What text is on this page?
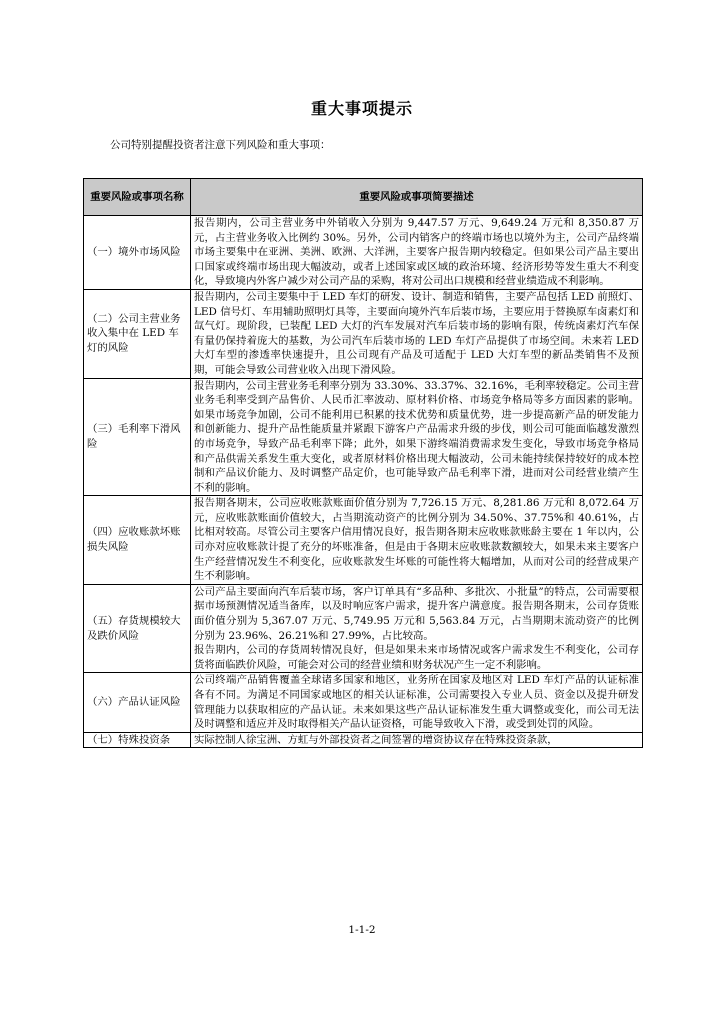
重大事项提示
公司特别提醒投资者注意下列风险和重大事项：
重要风险或事项名称	重要风险或事项简要描述

（一）境外市场风险	报告期内，公司主营业务中外销收入分别为 9,447.57 万元、9,649.24 万元和 8,350.87 万元，占主营业务收入比例约 30%。另外，公司内销客户的终端市场也以境外为主，公司产品终端市场主要集中在亚洲、美洲、欧洲、大洋洲，主要客户报告期内较稳定。但如果公司产品主要出口国家或终端市场出现大幅波动，或者上述国家或区域的政治环境、经济形势等发生重大不利变化，导致境内外客户减少对公司产品的采购，将对公司出口规模和经营业绩造成不利影响。

（二）公司主营业务收入集中在 LED 车灯的风险	报告期内，公司主要集中于 LED 车灯的研发、设计、制造和销售，主要产品包括 LED 前照灯、LED 信号灯、车用辅助照明灯具等，主要面向境外汽车后装市场，主要应用于替换原车卤素灯和氙气灯。现阶段，已装配 LED 大灯的汽车发展对汽车后装市场的影响有限，传统卤素灯汽车保有量仍保持着庞大的基数，为公司汽车后装市场的 LED 车灯产品提供了市场空间。未来若 LED 大灯车型的渗透率快速提升，且公司现有产品及可适配于 LED 大灯车型的新品类销售不及预期，可能会导致公司营业收入出现下滑风险。

（三）毛利率下滑风险	报告期内，公司主营业务毛利率分别为 33.30%、33.37%、32.16%，毛利率较稳定。公司主营业务毛利率受到产品售价、人民币汇率波动、原材料价格、市场竞争格局等多方面因素的影响。如果市场竞争加剧，公司不能利用已积累的技术优势和质量优势，进一步提高新产品的研发能力和创新能力、提升产品性能质量并紧跟下游客户产品需求升级的步伐，则公司可能面临越发激烈的市场竞争，导致产品毛利率下降；此外，如果下游终端消费需求发生变化，导致市场竞争格局和产品供需关系发生重大变化，或者原材料价格出现大幅波动，公司未能持续保持较好的成本控制和产品议价能力、及时调整产品定价，也可能导致产品毛利率下滑，进而对公司经营业绩产生不利的影响。

（四）应收账款坏账损失风险	报告期各期末，公司应收账款账面价值分别为 7,726.15 万元、8,281.86 万元和 8,072.64 万元，应收账款账面价值较大，占当期流动资产的比例分别为 34.50%、37.75%和 40.61%，占比相对较高。尽管公司主要客户信用情况良好，报告期各期末应收账款账龄主要在 1 年以内，公司亦对应收账款计提了充分的坏账准备，但是由于各期末应收账款数额较大，如果未来主要客户生产经营情况发生不利变化，应收账款发生坏账的可能性将大幅增加，从而对公司的经营成果产生不利影响。

（五）存货规模较大及跌价风险	公司产品主要面向汽车后装市场，客户订单具有“多品种、多批次、小批量”的特点，公司需要根据市场预测情况适当备库，以及时响应客户需求，提升客户满意度。报告期各期末，公司存货账面价值分别为 5,367.07 万元、5,749.95 万元和 5,563.84 万元，占当期期末流动资产的比例分别为 23.96%、26.21%和 27.99%，占比较高。

报告期内，公司的存货周转情况良好，但是如果未来市场情况或客户需求发生不利变化，公司存货将面临跌价风险，可能会对公司的经营业绩和财务状况产生一定不利影响。

（六）产品认证风险	公司终端产品销售覆盖全球诸多国家和地区，业务所在国家及地区对 LED 车灯产品的认证标准各有不同。为满足不同国家或地区的相关认证标准，公司需要投入专业人员、资金以及提升研发管理能力以获取相应的产品认证。未来如果这些产品认证标准发生重大调整或变化，而公司无法及时调整和适应并及时取得相关产品认证资格，可能导致收入下滑，或受到处罚的风险。

（七）特殊投资条	实际控制人徐宝洲、方虹与外部投资者之间签署的增资协议存在特殊投资条款，

1-1-2
